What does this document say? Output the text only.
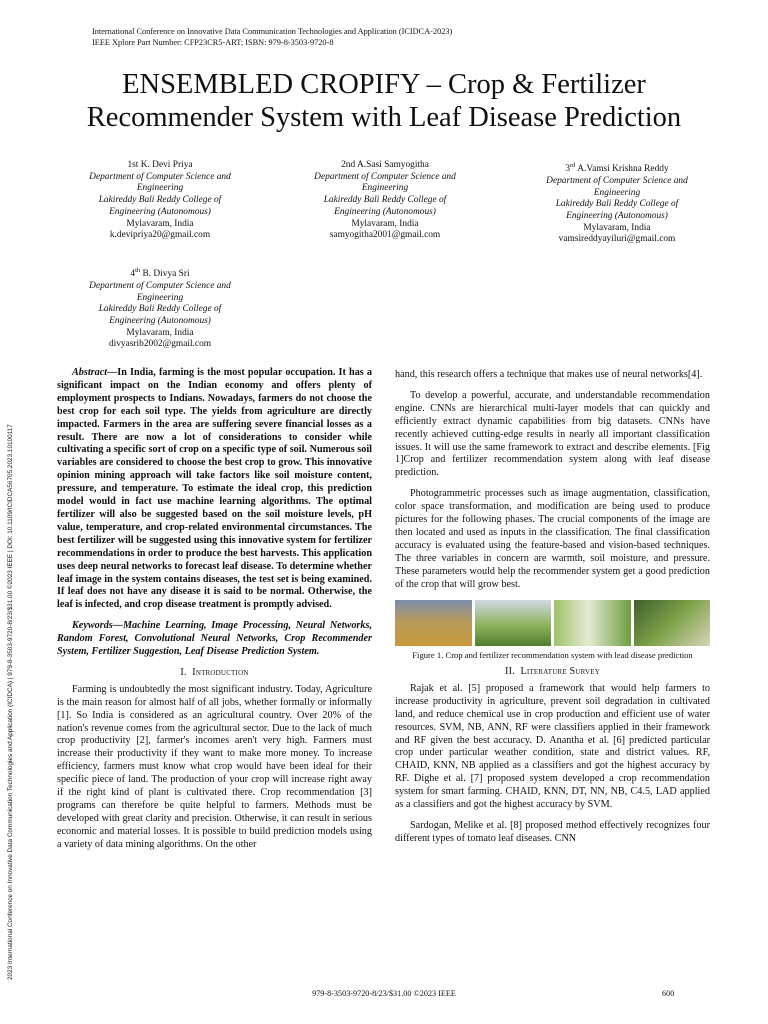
International Conference on Innovative Data Communication Technologies and Application (ICIDCA-2023)
IEEE Xplore Part Number: CFP23CR5-ART; ISBN: 979-8-3503-9720-8
ENSEMBLED CROPIFY – Crop & Fertilizer
Recommender System with Leaf Disease Prediction
1st K. Devi Priya
Department of Computer Science and
Engineering
Lakireddy Bali Reddy College of
Engineering (Autonomous)
Mylavaram, India
k.devipriya20@gmail.com
2nd A.Sasi Samyogitha
Department of Computer Science and
Engineering
Lakireddy Bali Reddy College of
Engineering (Autonomous)
Mylavaram, India
samyogitha2001@gmail.com
3rd A.Vamsi Krishna Reddy
Department of Computer Science and
Engineering
Lakireddy Bali Reddy College of
Engineering (Autonomous)
Mylavaram, India
vamsireddyayiluri@gmail.com
4th B. Divya Sri
Department of Computer Science and
Engineering
Lakireddy Bali Reddy College of
Engineering (Autonomous)
Mylavaram, India
divyasrib2002@gmail.com
2023 International Conference on Innovative Data Communication Technologies and Application (ICIDCA) | 979-8-3503-9720-8/23/$31.00 ©2023 IEEE | DOI: 10.1109/ICIDCA56705.2023.10100117

Abstract—In India, farming is the most popular occupation. It has a significant impact on the Indian economy and offers plenty of employment prospects to Indians. Nowadays, farmers do not choose the best crop for each soil type. The yields from agriculture are directly impacted. Farmers in the area are suffering severe financial losses as a result. There are now a lot of considerations to consider while cultivating a specific sort of crop on a specific type of soil. Numerous soil variables are considered to choose the best crop to grow. This innovative opinion mining approach will take factors like soil moisture content, pressure, and temperature. To estimate the ideal crop, this prediction model would in fact use machine learning algorithms. The optimal fertilizer will also be suggested based on the soil moisture levels, pH value, temperature, and crop-related environmental circumstances. The best fertilizer will be suggested using this innovative system for fertilizer recommendations in order to produce the best harvests. This application uses deep neural networks to forecast leaf disease. To determine whether leaf image in the system contains diseases, the test set is being examined. If leaf does not have any disease it is said to be normal. Otherwise, the leaf is infected, and crop disease treatment is promptly advised.

Keywords—Machine Learning, Image Processing, Neural Networks, Random Forest, Convolutional Neural Networks, Crop Recommender System, Fertilizer Suggestion, Leaf Disease Prediction System.

I. Introduction

Farming is undoubtedly the most significant industry. Today, Agriculture is the main reason for almost half of all jobs, whether formally or informally [1]. So India is considered as an agricultural country. Over 20% of the nation's revenue comes from the agricultural sector. Due to the lack of much crop productivity [2], farmer's incomes aren't very high. Farmers must increase their productivity if they want to make more money. To increase efficiency, farmers must know what crop would have been ideal for their specific piece of land. The production of your crop will increase right away if the right kind of plant is cultivated there. Crop recommendation [3] programs can therefore be quite helpful to farmers. Methods must be developed with great clarity and precision. Otherwise, it can result in serious economic and material losses. It is possible to build prediction models using a variety of data mining algorithms. On the other

hand, this research offers a technique that makes use of neural networks[4].

To develop a powerful, accurate, and understandable recommendation engine. CNNs are hierarchical multi-layer models that can quickly and efficiently extract dynamic capabilities from big datasets. CNNs have recently achieved cutting-edge results in nearly all important classification issues. It will use the same framework to extract and describe elements. [Fig 1]Crop and fertilizer recommendation system along with leaf disease prediction.

Photogrammetric processes such as image augmentation, classification, color space transformation, and modification are being used to produce pictures for the following phases. The crucial components of the image are then located and used as inputs in the classification. The final classification accuracy is evaluated using the feature-based and vision-based techniques. The three variables in concern are warmth, soil moisture, and pressure. These parameters would help the recommender system get a good prediction of the crop that will grow best.

Figure 1. Crop and fertilizer recommendation system with lead disease prediction
II. Literature Survey

Rajak et al. [5] proposed a framework that would help farmers to increase productivity in agriculture, prevent soil degradation in cultivated land, and reduce chemical use in crop production and efficient use of water resources. SVM, NB, ANN, RF were classifiers applied in their framework and RF given the best accuracy. D. Anantha et al. [6] predicted particular crop under particular weather condition, state and district values. RF, CHAID, KNN, NB applied as a classifiers and got the highest accuracy by RF. Dighe et al. [7] proposed system developed a crop recommendation system for smart farming. CHAID, KNN, DT, NN, NB, C4.5, LAD applied as a classifiers and got the highest accuracy by SVM.

Sardogan, Melike et al. [8] proposed method effectively recognizes four different types of tomato leaf diseases. CNN

979-8-3503-9720-8/23/$31.00 ©2023 IEEE	600
